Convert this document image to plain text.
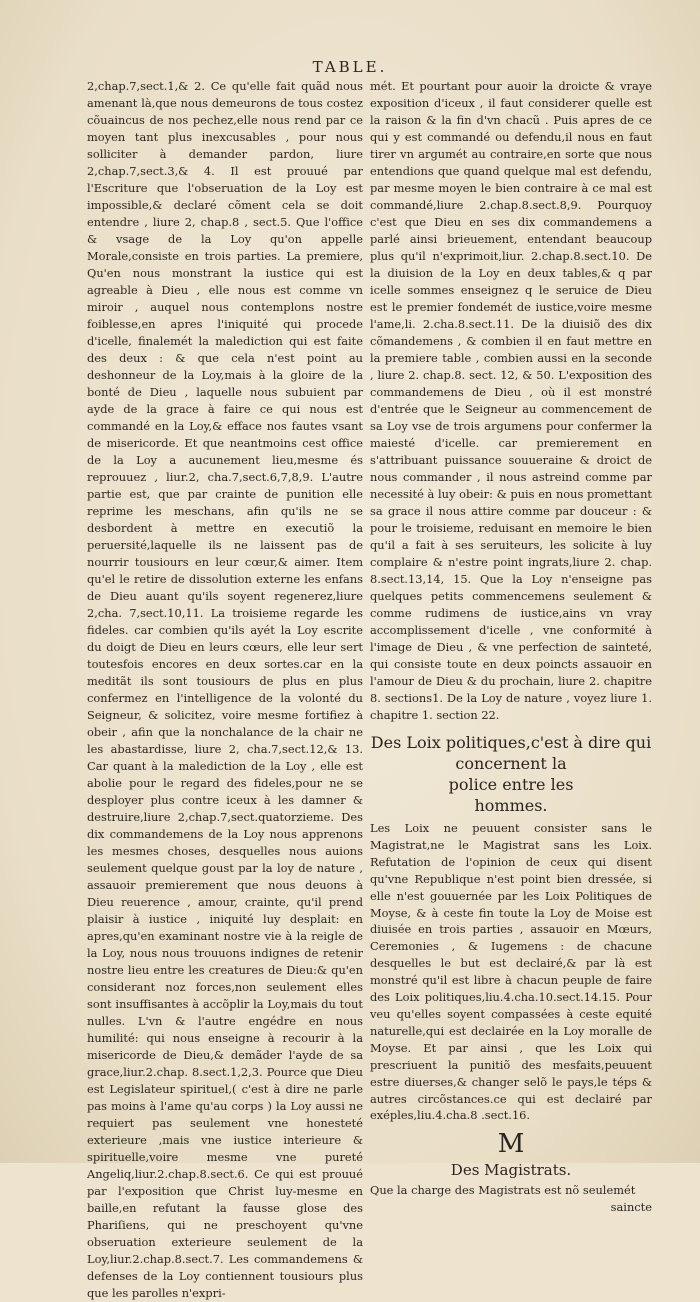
TABLE.

2,chap.7,sect.1,& 2. Ce qu'elle fait quãd nous amenant là,que nous demeurons de tous costez cõuaincus de nos pechez,elle nous rend par ce moyen tant plus inexcusables , pour nous solliciter à demander pardon, liure 2,chap.7,sect.3,& 4. Il est prouué par l'Escriture que l'obseruation de la Loy est impossible,& declaré cõment cela se doit entendre , liure 2, chap.8 , sect.5. Que l'office & vsage de la Loy qu'on appelle Morale,consiste en trois parties. La premiere, Qu'en nous monstrant la iustice qui est agreable à Dieu , elle nous est comme vn miroir , auquel nous contemplons nostre foiblesse,en apres l'iniquité qui procede d'icelle, finalemét la malediction qui est faite des deux : & que cela n'est point au deshonneur de la Loy,mais à la gloire de la bonté de Dieu , laquelle nous subuient par ayde de la grace à faire ce qui nous est commandé en la Loy,& efface nos fautes vsant de misericorde. Et que neantmoins cest office de la Loy a aucunement lieu,mesme és reprouuez , liur.2, cha.7,sect.6,7,8,9. L'autre partie est, que par crainte de punition elle reprime les meschans, afin qu'ils ne se desbordent à mettre en executiõ la peruersité,laquelle ils ne laissent pas de nourrir tousiours en leur cœur,& aimer. Item qu'el le retire de dissolution externe les enfans de Dieu auant qu'ils soyent regenerez,liure 2,cha. 7,sect.10,11. La troisieme regarde les fideles. car combien qu'ils ayét la Loy escrite du doigt de Dieu en leurs cœurs, elle leur sert toutesfois encores en deux sortes.car en la meditãt ils sont tousiours de plus en plus confermez en l'intelligence de la volonté du Seigneur, & solicitez, voire mesme fortifiez à obeir , afin que la nonchalance de la chair ne les abastardisse, liure 2, cha.7,sect.12,& 13. Car quant à la malediction de la Loy , elle est abolie pour le regard des fideles,pour ne se desployer plus contre iceux à les damner & destruire,liure 2,chap.7,sect.quatorzieme. Des dix commandemens de la Loy nous apprenons les mesmes choses, desquelles nous auions seulement quelque goust par la loy de nature , assauoir premierement que nous deuons à Dieu reuerence , amour, crainte, qu'il prend plaisir à iustice , iniquité luy desplait: en apres,qu'en examinant nostre vie à la reigle de la Loy, nous nous trouuons indignes de retenir nostre lieu entre les creatures de Dieu:& qu'en considerant noz forces,non seulement elles sont insuffisantes à accõplir la Loy,mais du tout nulles. L'vn & l'autre engédre en nous humilité: qui nous enseigne à recourir à la misericorde de Dieu,& demãder l'ayde de sa grace,liur.2.chap. 8.sect.1,2,3. Pource que Dieu est Legislateur spirituel,( c'est à dire ne parle pas moins à l'ame qu'au corps ) la Loy aussi ne requiert pas seulement vne honesteté exterieure ,mais vne iustice interieure & spirituelle,voire mesme vne pureté Angeliq,liur.2.chap.8.sect.6. Ce qui est prouué par l'exposition que Christ luy-mesme en baille,en refutant la fausse glose des Phariſiens, qui ne preschoyent qu'vne obseruation exterieure seulement de la Loy,liur.2.chap.8.sect.7. Les commandemens & defenses de la Loy contiennent tousiours plus que les parolles n'expri-

mét. Et pourtant pour auoir la droicte & vraye exposition d'iceux , il faut considerer quelle est la raison & la fin d'vn chacũ . Puis apres de ce qui y est commandé ou defendu,il nous en faut tirer vn argumét au contraire,en sorte que nous entendions que quand quelque mal est defendu, par mesme moyen le bien contraire à ce mal est commandé,liure 2.chap.8.sect.8,9. Pourquoy c'est que Dieu en ses dix commandemens a parlé ainsi brieuement, entendant beaucoup plus qu'il n'exprimoit,liur. 2.chap.8.sect.10. De la diuision de la Loy en deux tables,& q par icelle sommes enseignez q le seruice de Dieu est le premier fondemét de iustice,voire mesme l'ame,li. 2.cha.8.sect.11. De la diuisiõ des dix cõmandemens , & combien il en faut mettre en la premiere table , combien aussi en la seconde , liure 2. chap.8. sect. 12, & 50. L'exposition des commandemens de Dieu , où il est monstré d'entrée que le Seigneur au commencement de sa Loy vse de trois argumens pour confermer la maiesté d'icelle. car premierement en s'attribuant puissance souueraine & droict de nous commander , il nous astreind comme par necessité à luy obeir: & puis en nous promettant sa grace il nous attire comme par douceur : & pour le troisieme, reduisant en memoire le bien qu'il a fait à ses seruiteurs, les solicite à luy complaire & n'estre point ingrats,liure 2. chap. 8.sect.13,14, 15. Que la Loy n'enseigne pas quelques petits commencemens seulement & comme rudimens de iustice,ains vn vray accomplissement d'icelle , vne conformité à l'image de Dieu , & vne perfection de sainteté, qui consiste toute en deux poincts assauoir en l'amour de Dieu & du prochain, liure 2. chapitre 8. sections1. De la Loy de nature , voyez liure 1. chapitre 1. section 22.

Des Loix politiques,c'est à dire qui concernent la
police entre les
hommes.

Les Loix ne peuuent consister sans le Magistrat,ne le Magistrat sans les Loix. Refutation de l'opinion de ceux qui disent qu'vne Republique n'est point bien dressée, si elle n'est gouuernée par les Loix Politiques de Moyse, & à ceste fin toute la Loy de Moise est diuisée en trois parties , assauoir en Mœurs, Ceremonies , & Iugemens : de chacune desquelles le but est declairé,& par là est monstré qu'il est libre à chacun peuple de faire des Loix politiques,liu.4.cha.10.sect.14.15. Pour veu qu'elles soyent compassées à ceste equité naturelle,qui est declairée en la Loy moralle de Moyse. Et par ainsi , que les Loix qui prescriuent la punitiõ des mesfaits,peuuent estre diuerses,& changer selõ le pays,le téps & autres circõstances.ce qui est declairé par exéples,liu.4.cha.8 .sect.16.

M
Des Magistrats.

Que la charge des Magistrats est nõ seulemét

saincte
